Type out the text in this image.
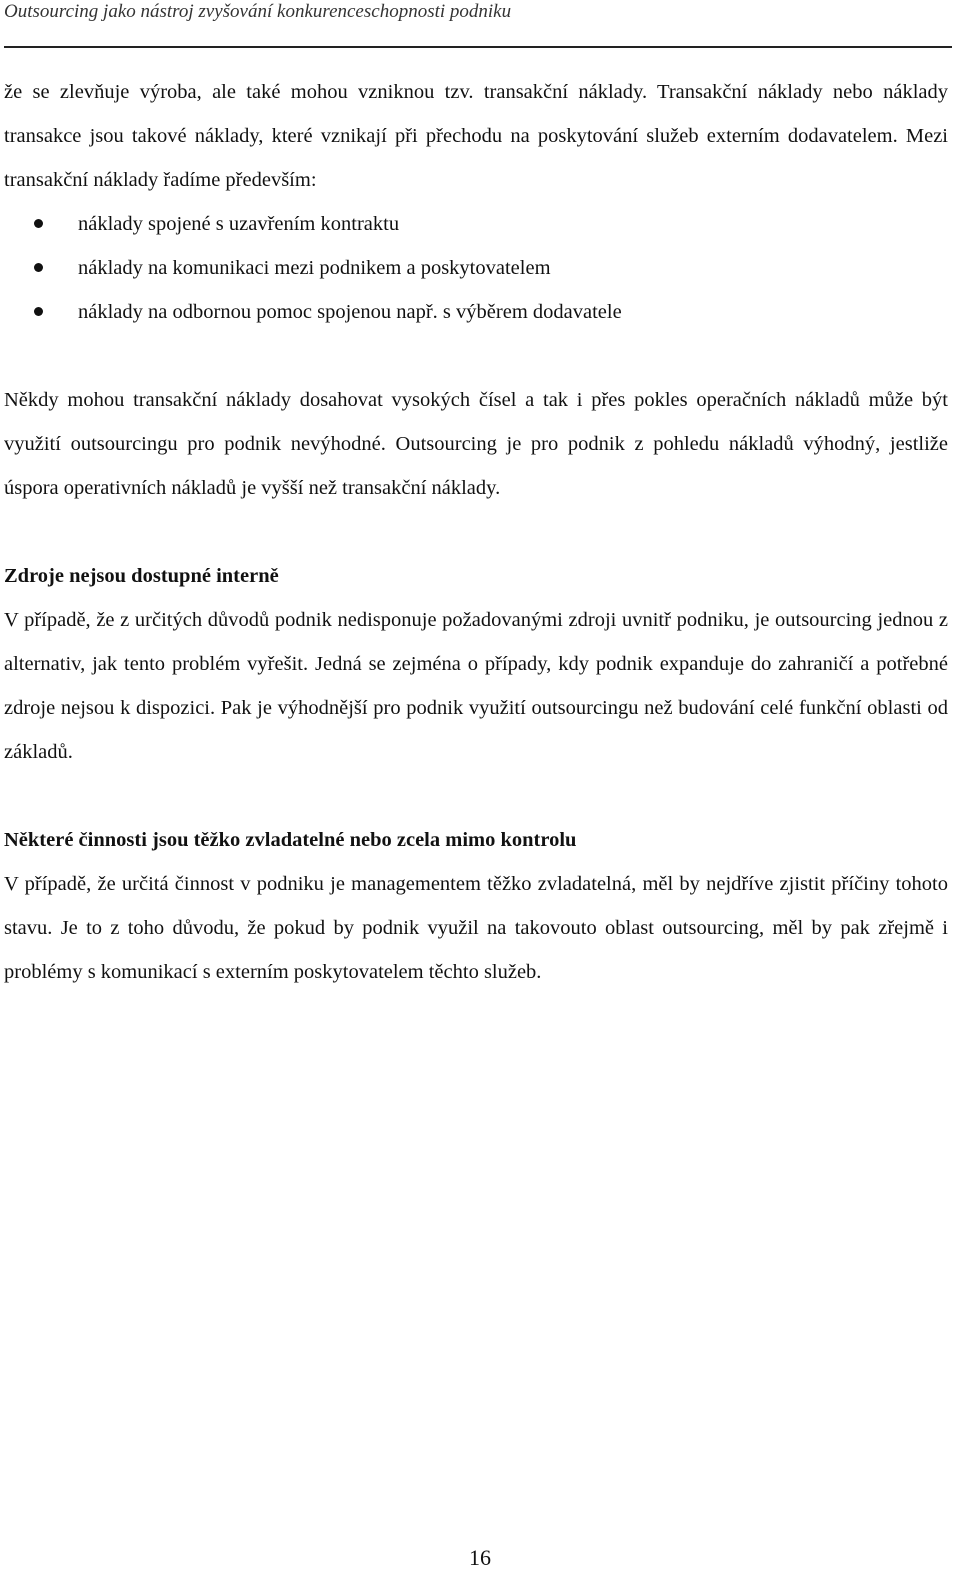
Outsourcing jako nástroj zvyšování konkurenceschopnosti podniku

že se zlevňuje výroba, ale také mohou vzniknou tzv. transakční náklady. Transakční náklady nebo náklady transakce jsou takové náklady, které vznikají při přechodu na poskytování služeb externím dodavatelem. Mezi transakční náklady řadíme především:

náklady spojené s uzavřením kontraktu
náklady na komunikaci mezi podnikem a poskytovatelem
náklady na odbornou pomoc spojenou např. s výběrem dodavatele

Někdy mohou transakční náklady dosahovat vysokých čísel a tak i přes pokles operačních nákladů může být využití outsourcingu pro podnik nevýhodné. Outsourcing je pro podnik z pohledu nákladů výhodný, jestliže úspora operativních nákladů je vyšší než transakční náklady.

Zdroje nejsou dostupné interně

V případě, že z určitých důvodů podnik nedisponuje požadovanými zdroji uvnitř podniku, je outsourcing jednou z alternativ, jak tento problém vyřešit. Jedná se zejména o případy, kdy podnik expanduje do zahraničí a potřebné zdroje nejsou k dispozici. Pak je výhodnější pro podnik využití outsourcingu než budování celé funkční oblasti od základů.

Některé činnosti jsou těžko zvladatelné nebo zcela mimo kontrolu

V případě, že určitá činnost v podniku je managementem těžko zvladatelná, měl by nejdříve zjistit příčiny tohoto stavu. Je to z toho důvodu, že pokud by podnik využil na takovouto oblast outsourcing, měl by pak zřejmě i problémy s komunikací s externím poskytovatelem těchto služeb.

16
